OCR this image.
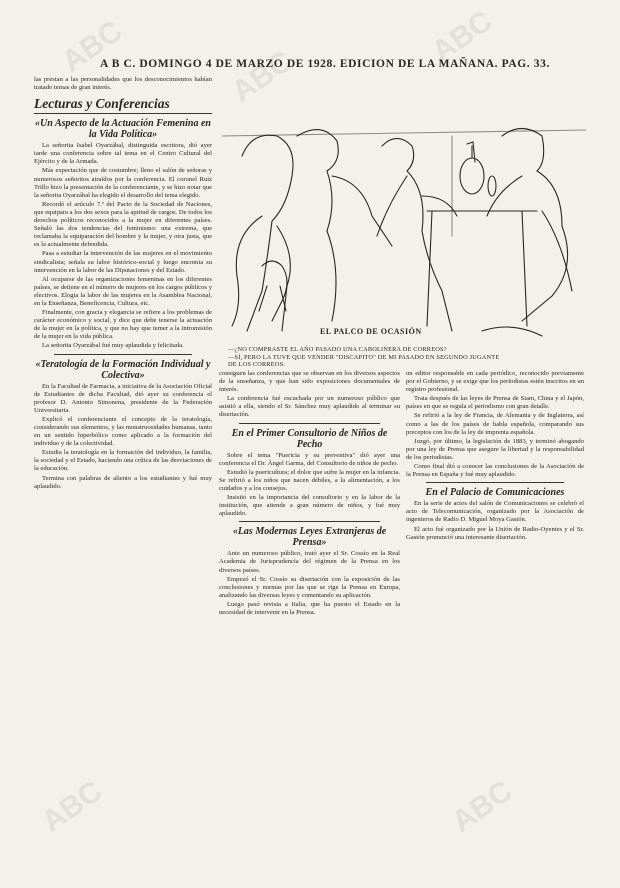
ABC	ABC
ABC
ABC	ABC
A B C. DOMINGO 4 DE MARZO DE 1928. EDICION DE LA MAÑANA. PAG. 33.

las prestan a las personalidades que los desconocimientos habían tratado temas de gran interés.

Lecturas y Conferencias
«Un Aspecto de la Actuación Femenina en la Vida Política»

La señorita Isabel Oyarzábal, distinguida escritora, dió ayer tarde una conferencia sobre tal tema en el Centro Cultural del Ejército y de la Armada.

Más expectación que de costumbre; lleno el salón de señoras y numerosos señoritos atraídos por la conferencia. El coronel Ruiz Trillo hizo la presentación de la conferenciante, y se hizo notar que la señorita Oyarzábal ha elegido el desarrollo del tema elegido.

Recordó el artículo 7.º del Pacto de la Sociedad de Naciones, que equipara a los dos sexos para la aptitud de cargos. De todos los derechos políticos reconocidos a la mujer en diferentes países. Señaló las dos tendencias del feminismo: una extrema, que reclamaba la equiparación del hombre y la mujer, y otra justa, que es la actualmente defendida.

Pasa a estudiar la intervención de las mujeres en el movimiento sindicalista; señala su labor histórico-social y luego encomia su intervención en la labor de las Diputaciones y del Estado.

Al ocuparse de las organizaciones femeninas en los diferentes países, se detiene en el número de mujeres en los cargos públicos y electivos. Elogia la labor de las mujeres en la Asamblea Nacional, en la Enseñanza, Beneficencia, Cultura, etc.

Finalmente, con gracia y elegancia se refiere a los problemas de carácter económico y social, y dice que debe tenerse la actuación de la mujer en la política, y que no hay que temer a la intromisión de la mujer en la vida pública.

La señorita Oyarzábal fué muy aplaudida y felicitada.

«Teratología de la Formación Individual y Colectiva»

En la Facultad de Farmacia, a iniciativa de la Asociación Oficial de Estudiantes de dicha Facultad, dió ayer su conferencia el profesor D. Antonio Simonena, presidente de la Federación Universitaria.

Explicó el conferenciante el concepto de la teratología, considerando sus elementos, y las monstruosidades humanas, tanto en un sentido hiperbólico como aplicado a la formación del individuo y de la colectividad.

Estudia la teratología en la formación del individuo, la familia, la sociedad y el Estado, haciendo una crítica de las desviaciones de la educación.

Termina con palabras de aliento a los estudiantes y fué muy aplaudido.

EL PALCO DE OCASIÓN
—¿NO COMPRASTE EL AÑO PASADO UNA CABOLINERA DE CORREOS?
—SÍ, PERO LA TUVE QUE VENDER "DISCAPITO" DE MI PASADO EN SEGUNDO JUGANTE
DE LOS CORREOS.

consiguen las conferencias que se observan en los diversos aspectos de la enseñanza, y que han sido exposiciones documentales de interés.

La conferencia fué escuchada por un numeroso público que asistió a ella, siendo el Sr. Sánchez muy aplaudido al terminar su disertación.

En el Primer Consultorio de Niños de Pecho

Sobre el tema "Puericia y su preventiva" dió ayer una conferencia el Dr. Ángel Garma, del Consultorio de niños de pecho.

Estudió la puericultura; el dolor que sufre la mujer en la infancia. Se refirió a los niños que nacen débiles, a la alimentación, a los cuidados y a los consejos.

Insistió en la importancia del consultorio y en la labor de la institución, que atiende a gran número de niños, y fué muy aplaudido.

«Las Modernas Leyes Extranjeras de Prensa»

Ante un numeroso público, trató ayer el Sr. Cossío en la Real Academia de Jurisprudencia del régimen de la Prensa en los diversos países.

Empezó el Sr. Cossío su disertación con la exposición de las conclusiones y normas por las que se rige la Prensa en Europa, analizando las diversas leyes y comentando su aplicación.

Luego pasó revista a Italia, que ha puesto el Estado en la necesidad de intervenir en la Prensa.

un editor responsable en cada periódico, reconocido previamente por el Gobierno, y se exige que los periodistas estén inscritos en un registro profesional.

Trata después de las leyes de Prensa de Siam, China y el Japón, países en que se regula el periodismo con gran detalle.

Se refirió a la ley de Francia, de Alemania y de Inglaterra, así como a las de los países de habla española, comparando sus preceptos con los de la ley de imprenta española.

Juzgó, por último, la legislación de 1883, y terminó abogando por una ley de Prensa que asegure la libertad y la responsabilidad de los periodistas.

Como final dió a conocer las conclusiones de la Asociación de la Prensa en España y fué muy aplaudido.

En el Palacio de Comunicaciones

En la serie de actos del salón de Comunicaciones se celebró el acto de Telecomunicación, organizado por la Asociación de ingenieros de Radio D. Miguel Moya Gastón.

El acto fué organizado por la Unión de Radio-Oyentes y el Sr. Gastón pronunció una interesante disertación.
